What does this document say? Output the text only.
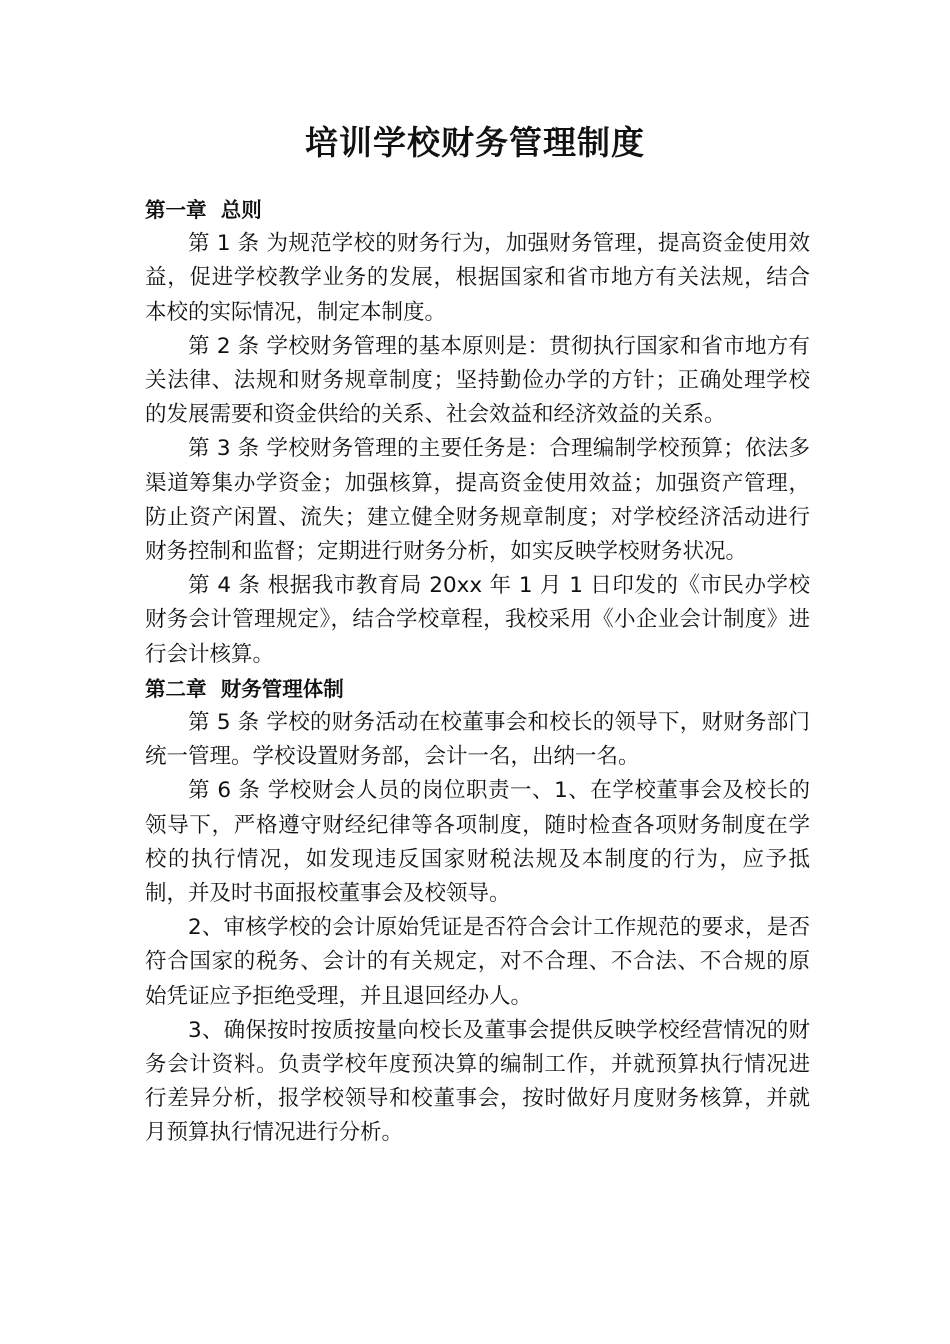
培训学校财务管理制度

第一章  总则

第 1 条 为规范学校的财务行为，加强财务管理，提高资金使用效益，促进学校教学业务的发展，根据国家和省市地方有关法规，结合本校的实际情况，制定本制度。

第 2 条 学校财务管理的基本原则是：贯彻执行国家和省市地方有关法律、法规和财务规章制度；坚持勤俭办学的方针；正确处理学校的发展需要和资金供给的关系、社会效益和经济效益的关系。

第 3 条 学校财务管理的主要任务是：合理编制学校预算；依法多渠道筹集办学资金；加强核算，提高资金使用效益；加强资产管理，防止资产闲置、流失；建立健全财务规章制度；对学校经济活动进行财务控制和监督；定期进行财务分析，如实反映学校财务状况。

第 4 条 根据我市教育局 20xx 年 1 月 1 日印发的《市民办学校财务会计管理规定》，结合学校章程，我校采用《小企业会计制度》进行会计核算。

第二章  财务管理体制

第 5 条 学校的财务活动在校董事会和校长的领导下，财财务部门统一管理。学校设置财务部，会计一名，出纳一名。

第 6 条 学校财会人员的岗位职责一、1、在学校董事会及校长的领导下，严格遵守财经纪律等各项制度，随时检查各项财务制度在学校的执行情况，如发现违反国家财税法规及本制度的行为，应予抵制，并及时书面报校董事会及校领导。

2、审核学校的会计原始凭证是否符合会计工作规范的要求，是否符合国家的税务、会计的有关规定，对不合理、不合法、不合规的原始凭证应予拒绝受理，并且退回经办人。

3、确保按时按质按量向校长及董事会提供反映学校经营情况的财务会计资料。负责学校年度预决算的编制工作，并就预算执行情况进行差异分析，报学校领导和校董事会，按时做好月度财务核算，并就月预算执行情况进行分析。
